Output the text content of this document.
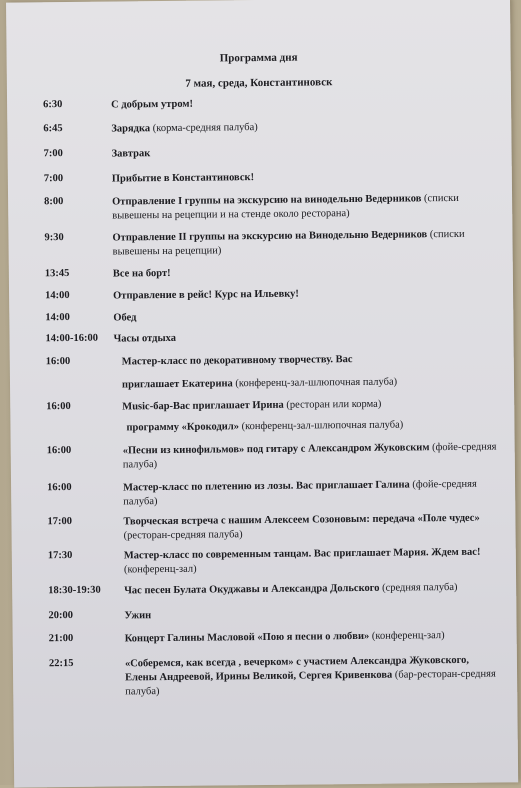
Программа дня
7 мая, среда, Константиновск
6:30	С добрым утром!
6:45	Зарядка (корма-средняя палуба)
7:00	Завтрак
7:00	Прибытие в Константиновск!
8:00	Отправление I группы на экскурсию на винодельню Ведерников (списки вывешены на рецепции и на стенде около ресторана)
9:30	Отправление II группы на экскурсию на Винодельню Ведерников (списки вывешены на рецепции)
13:45	Все на борт!
14:00	Отправление в рейс! Курс на Ильевку!
14:00	Обед
14:00-16:00 Часы отдыха
16:00	Мастер-класс по декоративному творчеству. Вас
приглашает Екатерина (конференц-зал-шлюпочная палуба)
16:00	Music-бар-Вас приглашает Ирина (ресторан или корма)
программу «Крокодил» (конференц-зал-шлюпочная палуба)
16:00	«Песни из кинофильмов» под гитару с Александром Жуковским (фойе-средняя палуба)
16:00	Мастер-класс по плетению из лозы. Вас приглашает Галина (фойе-средняя палуба)
17:00	Творческая встреча с нашим Алексеем Созоновым: передача «Поле чудес» (ресторан-средняя палуба)
17:30	Мастер-класс по современным танцам. Вас приглашает Мария. Ждем вас! (конференц-зал)
18:30-19:30 Час песен Булата Окуджавы и Александра Дольского (средняя палуба)
20:00	Ужин
21:00	Концерт Галины Масловой «Пою я песни о любви» (конференц-зал)
22:15	«Соберемся, как всегда , вечерком» с участием Александра Жуковского, Елены Андреевой, Ирины Великой, Сергея Кривенкова (бар-ресторан-средняя палуба)
